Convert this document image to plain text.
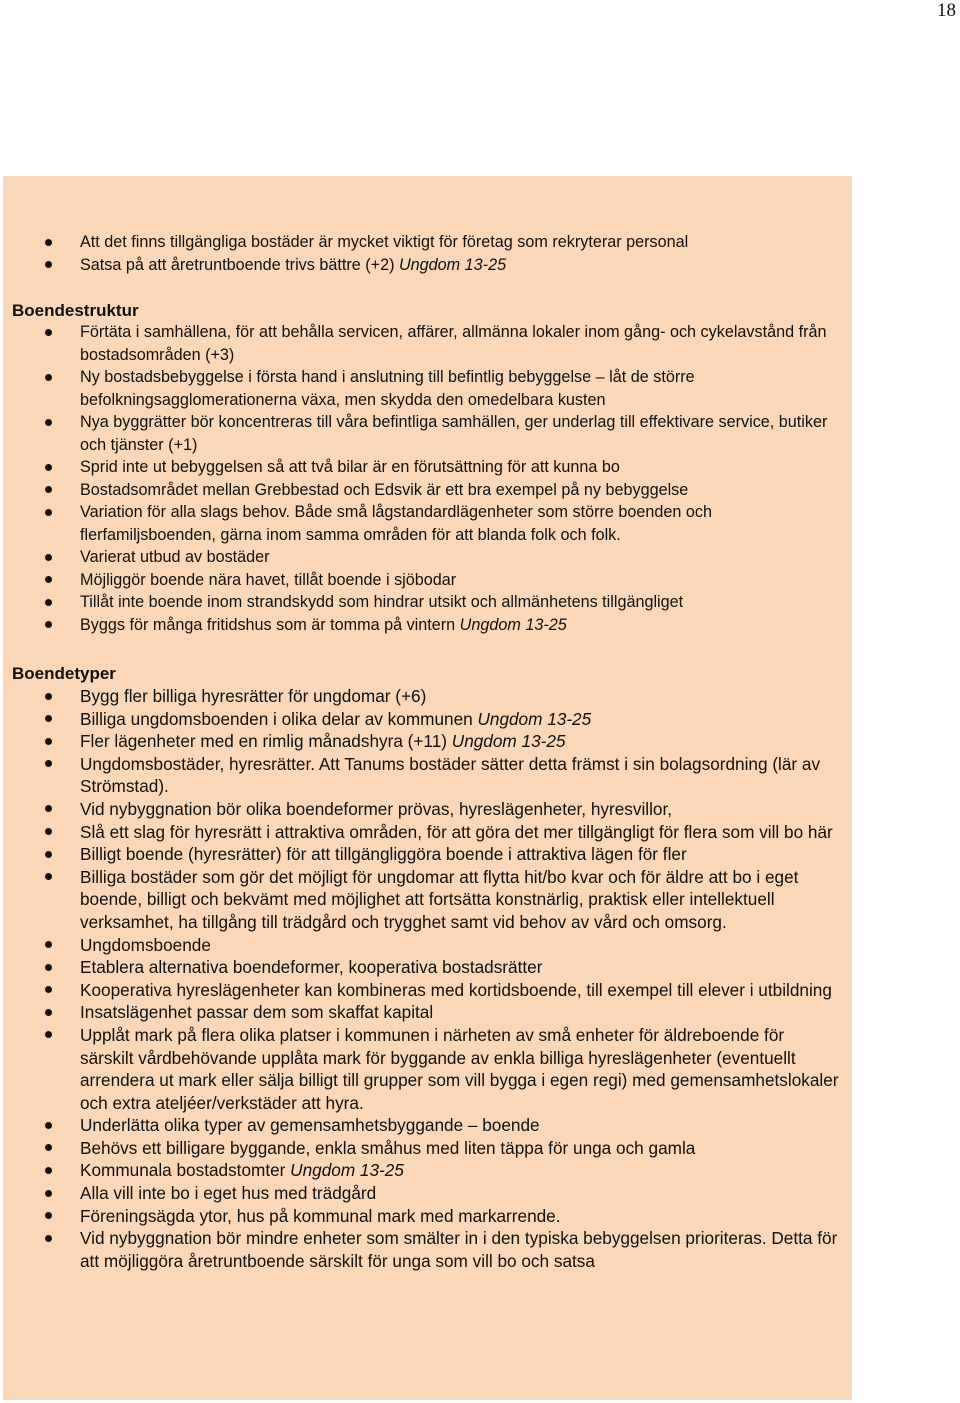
18
Att det finns tillgängliga bostäder är mycket viktigt för företag som rekryterar personal
Satsa på att åretruntboende trivs bättre (+2) Ungdom 13-25
Boendestruktur
Förtäta i samhällena, för att behålla servicen, affärer, allmänna lokaler inom gång- och cykelavstånd från bostadsområden (+3)
Ny bostadsbebyggelse i första hand i anslutning till befintlig bebyggelse – låt de större befolkningsagglomerationerna växa, men skydda den omedelbara kusten
Nya byggrätter bör koncentreras till våra befintliga samhällen, ger underlag till effektivare service, butiker och tjänster (+1)
Sprid inte ut bebyggelsen så att två bilar är en förutsättning för att kunna bo
Bostadsområdet mellan Grebbestad och Edsvik är ett bra exempel på ny bebyggelse
Variation för alla slags behov. Både små lågstandardlägenheter som större boenden och flerfamiljsboenden, gärna inom samma områden för att blanda folk och folk.
Varierat utbud av bostäder
Möjliggör boende nära havet, tillåt boende i sjöbodar
Tillåt inte boende inom strandskydd som hindrar utsikt och allmänhetens tillgängliget
Byggs för många fritidshus som är tomma på vintern Ungdom 13-25
Boendetyper
Bygg fler billiga hyresrätter för ungdomar (+6)
Billiga ungdomsboenden i olika delar av kommunen Ungdom 13-25
Fler lägenheter med en rimlig månadshyra (+11) Ungdom 13-25
Ungdomsbostäder, hyresrätter. Att Tanums bostäder sätter detta främst i sin bolagsordning (lär av Strömstad).
Vid nybyggnation bör olika boendeformer prövas, hyreslägenheter, hyresvillor,
Slå ett slag för hyresrätt i attraktiva områden, för att göra det mer tillgängligt för flera som vill bo här
Billigt boende (hyresrätter) för att tillgängliggöra boende i attraktiva lägen för fler
Billiga bostäder som gör det möjligt för ungdomar att flytta hit/bo kvar och för äldre att bo i eget boende, billigt och bekvämt med möjlighet att fortsätta konstnärlig, praktisk eller intellektuell verksamhet, ha tillgång till trädgård och trygghet samt vid behov av vård och omsorg.
Ungdomsboende
Etablera alternativa boendeformer, kooperativa bostadsrätter
Kooperativa hyreslägenheter kan kombineras med kortidsboende, till exempel till elever i utbildning
Insatslägenhet passar dem som skaffat kapital
Upplåt mark på flera olika platser i kommunen i närheten av små enheter för äldreboende för särskilt vårdbehövande upplåta mark för byggande av enkla billiga hyreslägenheter (eventuellt arrendera ut mark eller sälja billigt till grupper som vill bygga i egen regi) med gemensamhetslokaler och extra ateljéer/verkstäder att hyra.
Underlätta olika typer av gemensamhetsbyggande – boende
Behövs ett billigare byggande, enkla småhus med liten täppa för unga och gamla
Kommunala bostadstomter Ungdom 13-25
Alla vill inte bo i eget hus med trädgård
Föreningsägda ytor, hus på kommunal mark med markarrende.
Vid nybyggnation bör mindre enheter som smälter in i den typiska bebyggelsen prioriteras. Detta för att möjliggöra åretruntboende särskilt för unga som vill bo och satsa
